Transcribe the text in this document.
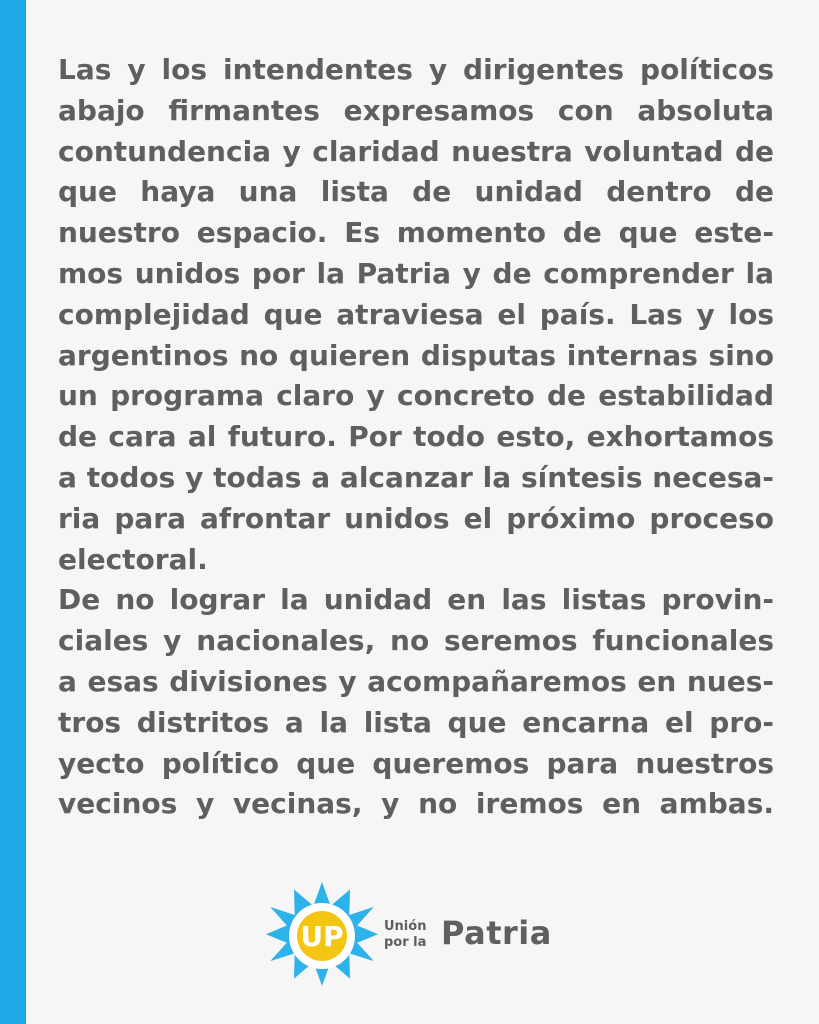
Las y los intendentes y dirigentes políticos
abajo firmantes expresamos con absoluta
contundencia y claridad nuestra voluntad de
que haya una lista de unidad dentro de
nuestro espacio. Es momento de que este-
mos unidos por la Patria y de comprender la
complejidad que atraviesa el país. Las y los
argentinos no quieren disputas internas sino
un programa claro y concreto de estabilidad
de cara al futuro. Por todo esto, exhortamos
a todos y todas a alcanzar la síntesis necesa-
ria para afrontar unidos el próximo proceso
electoral.

De no lograr la unidad en las listas provin-
ciales y nacionales, no seremos funcionales
a esas divisiones y acompañaremos en nues-
tros distritos a la lista que encarna el pro-
yecto político que queremos para nuestros
vecinos y vecinas, y no iremos en ambas.

UP	Unión
por la Patria
